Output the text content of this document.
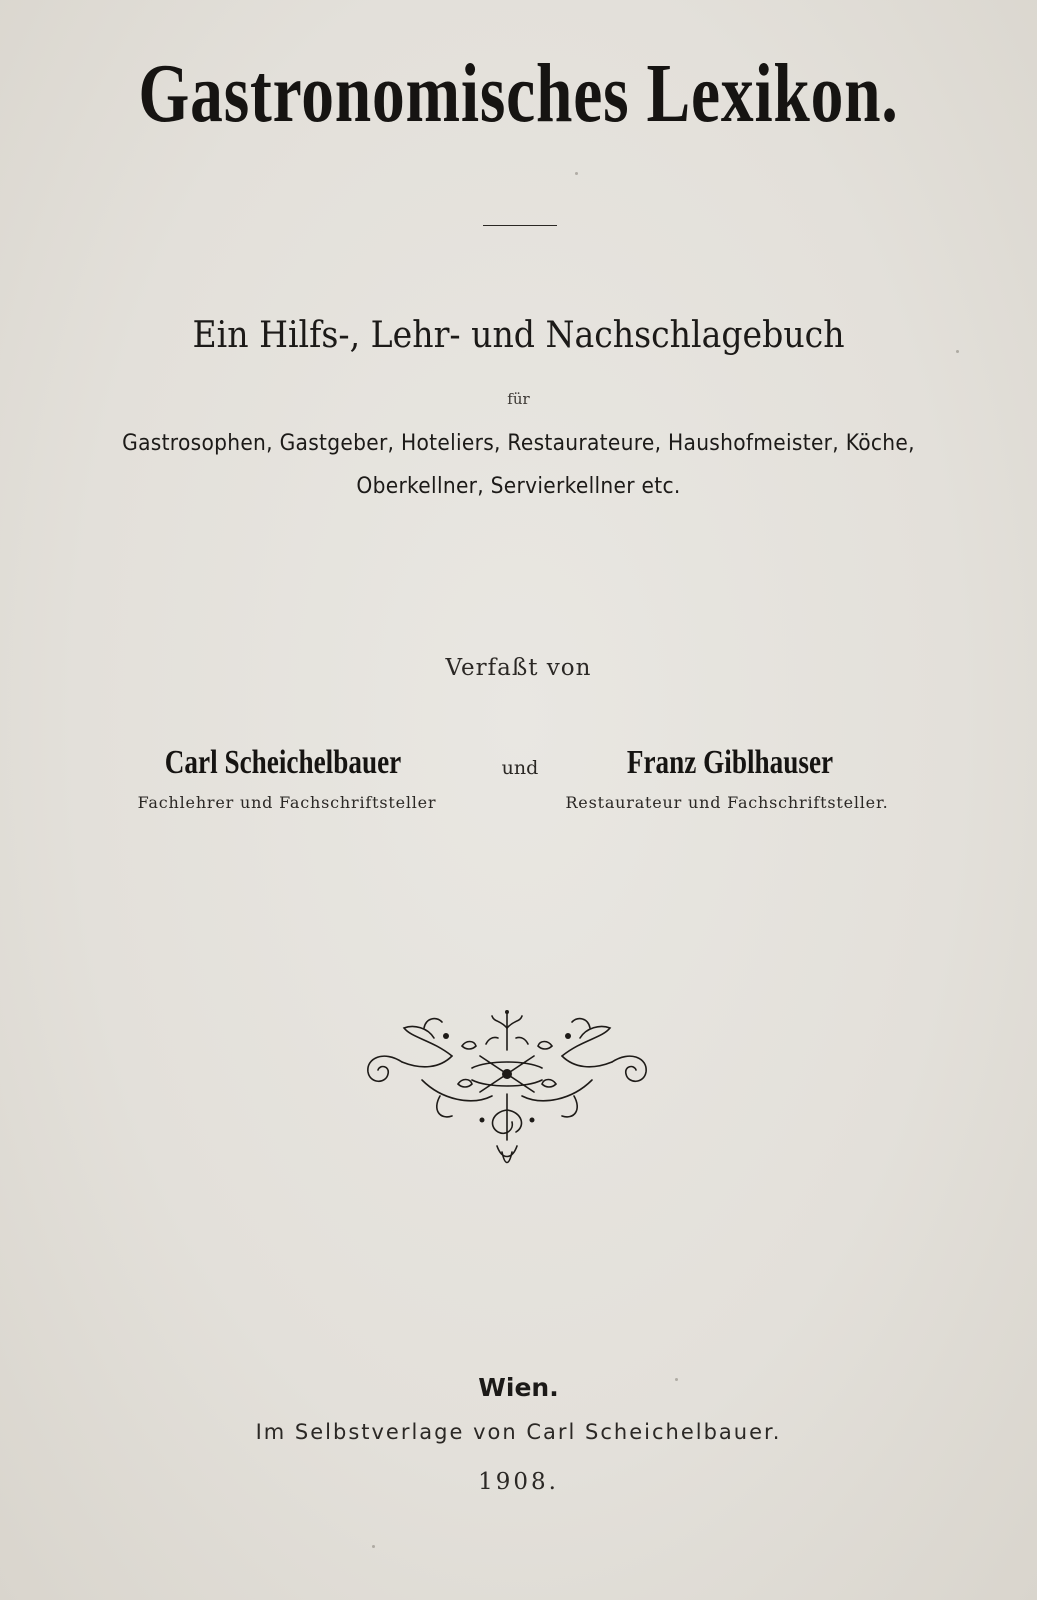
Gastronomisches Lexikon.
Ein Hilfs-, Lehr- und Nachschlagebuch
für
Gastrosophen, Gastgeber, Hoteliers, Restaurateure, Haushofmeister, Köche,
Oberkellner, Servierkellner etc.
Verfaßt von
Carl Scheichelbauer	und	Franz Giblhauser
Fachlehrer und Fachschriftsteller	Restaurateur und Fachschriftsteller.
Wien.
Im Selbstverlage von Carl Scheichelbauer.
1908.
